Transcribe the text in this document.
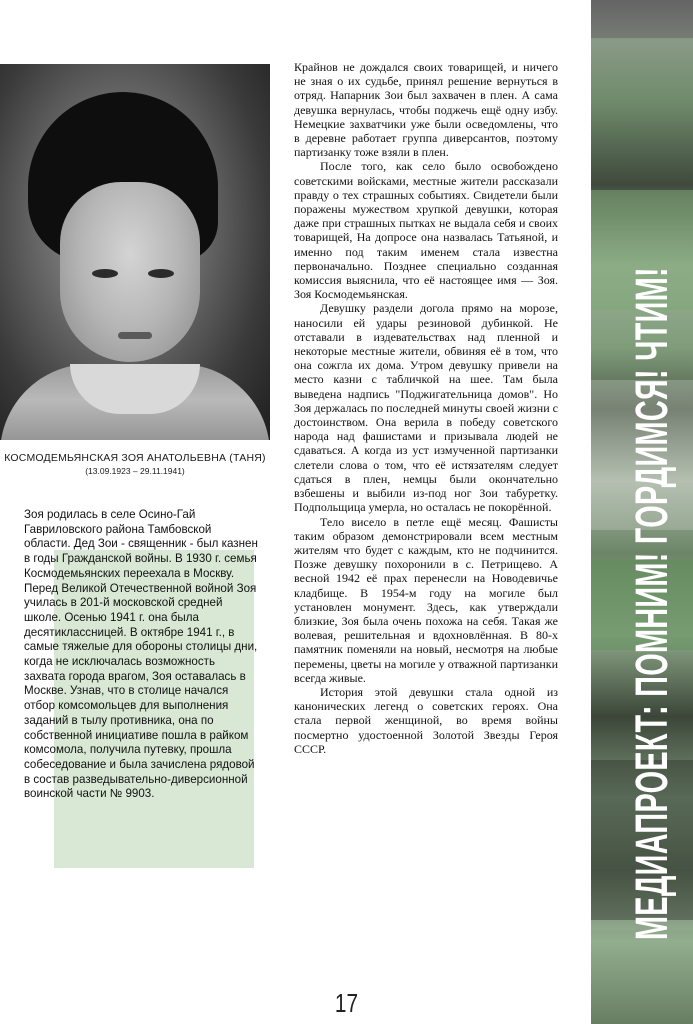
КОСМОДЕМЬЯНСКАЯ ЗОЯ АНАТОЛЬЕВНА (ТАНЯ)
(13.09.1923 – 29.11.1941)

Зоя родилась в селе Осино-Гай Гавриловского района Тамбовской области. Дед Зои - священник - был казнен в годы Гражданской войны. В 1930 г. семья Космодемьянских переехала в Москву. Перед Великой Отечественной войной Зоя училась в 201-й московской средней школе. Осенью 1941 г. она была десятиклассницей. В октябре 1941 г., в самые тяжелые для обороны столицы дни, когда не исключалась возможность захвата города врагом, Зоя оставалась в Москве. Узнав, что в столице начался отбор комсомольцев для выполнения заданий в тылу противника, она по собственной инициативе пошла в райком комсомола, получила путевку, прошла собеседование и была зачислена рядовой в состав разведывательно-диверсионной воинской части № 9903.

Крайнов не дождался своих товарищей, и ничего не зная о их судьбе, принял решение вернуться в отряд. Напарник Зои был захвачен в плен. А сама девушка вернулась, чтобы поджечь ещё одну избу. Немецкие захватчики уже были осведомлены, что в деревне работает группа диверсантов, поэтому партизанку тоже взяли в плен.

После того, как село было освобождено советскими войсками, местные жители рассказали правду о тех страшных событиях. Свидетели были поражены мужеством хрупкой девушки, которая даже при страшных пытках не выдала себя и своих товарищей, На допросе она назвалась Татьяной, и именно под таким именем стала известна первоначально. Позднее специально созданная комиссия выяснила, что её настоящее имя — Зоя. Зоя Космодемьянская.

Девушку раздели догола прямо на морозе, наносили ей удары резиновой дубинкой. Не отставали в издевательствах над пленной и некоторые местные жители, обвиняя её в том, что она сожгла их дома. Утром девушку привели на место казни с табличкой на шее. Там была выведена надпись "Поджигательница домов". Но Зоя держалась по последней минуты своей жизни с достоинством. Она верила в победу советского народа над фашистами и призывала людей не сдаваться. А когда из уст измученной партизанки слетели слова о том, что её истязателям следует сдаться в плен, немцы были окончательно взбешены и выбили из-под ног Зои табуретку. Подпольщица умерла, но осталась не покорённой.

Тело висело в петле ещё месяц. Фашисты таким образом демонстрировали всем местным жителям что будет с каждым, кто не подчинится. Позже девушку похоронили в с. Петрищево. А весной 1942 её прах перенесли на Новодевичье кладбище. В 1954-м году на могиле был установлен монумент. Здесь, как утверждали близкие, Зоя была очень похожа на себя. Такая же волевая, решительная и вдохновлённая. В 80-х памятник поменяли на новый, несмотря на любые перемены, цветы на могиле у отважной партизанки всегда живые.

История этой девушки стала одной из канонических легенд о советских героях. Она стала первой женщиной, во время войны посмертно удостоенной Золотой Звезды Героя СССР.

17
МЕДИАПРОЕКТ: ПОМНИМ! ГОРДИМСЯ! ЧТИМ!
